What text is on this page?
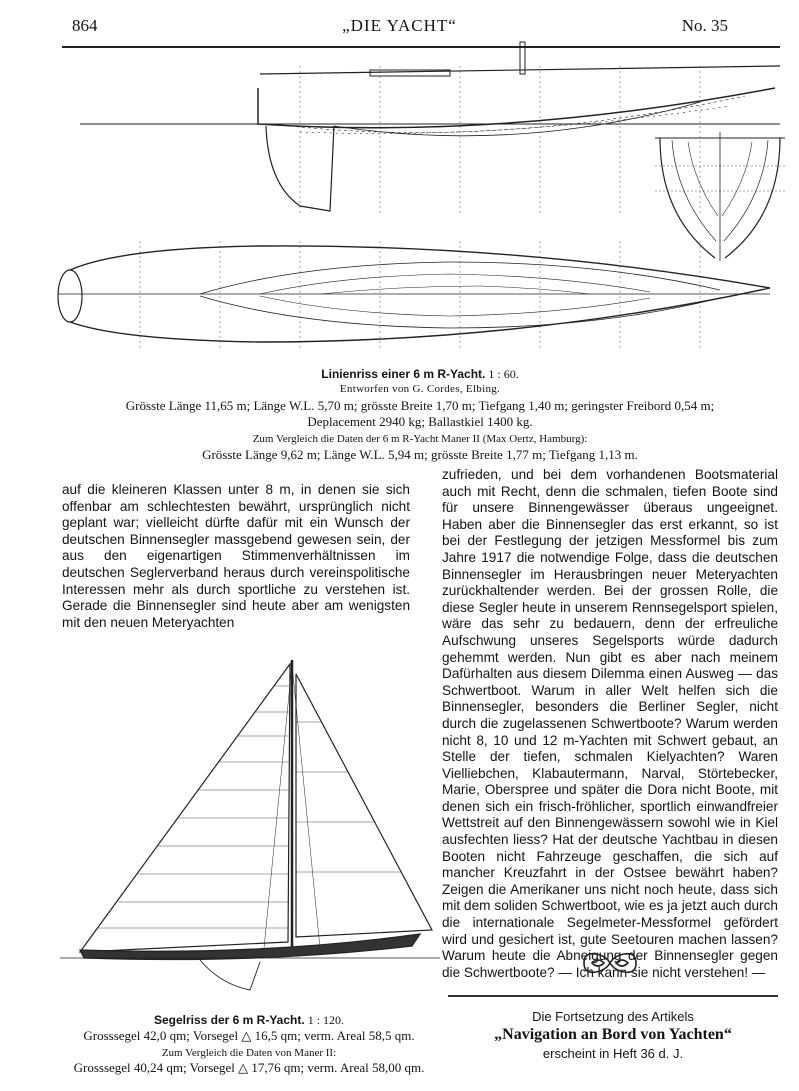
864	„DIE YACHT“	No. 35
Linienriss einer 6 m R-Yacht. 1 : 60.
Entworfen von G. Cordes, Elbing.
Grösste Länge 11,65 m; Länge W.L. 5,70 m; grösste Breite 1,70 m; Tiefgang 1,40 m; geringster Freibord 0,54 m;
Deplacement 2940 kg; Ballastkiel 1400 kg.
Zum Vergleich die Daten der 6 m R-Yacht Maner II (Max Oertz, Hamburg):
Grösste Länge 9,62 m; Länge W.L. 5,94 m; grösste Breite 1,77 m; Tiefgang 1,13 m.

auf die kleineren Klassen unter 8 m, in denen sie sich offenbar am schlechtesten bewährt, ursprünglich nicht geplant war; vielleicht dürfte dafür mit ein Wunsch der deutschen Binnensegler massgebend gewesen sein, der aus den eigenartigen Stimmenverhältnissen im deutschen Seglerverband heraus durch vereinspolitische Interessen mehr als durch sportliche zu verstehen ist. Gerade die Binnensegler sind heute aber am wenigsten mit den neuen Meteryachten

Segelriss der 6 m R-Yacht. 1 : 120.
Grosssegel 42,0 qm; Vorsegel △ 16,5 qm; verm. Areal 58,5 qm.
Zum Vergleich die Daten von Maner II:
Grosssegel 40,24 qm; Vorsegel △ 17,76 qm; verm. Areal 58,00 qm.

zufrieden, und bei dem vorhandenen Bootsmaterial auch mit Recht, denn die schmalen, tiefen Boote sind für unsere Binnengewässer überaus ungeeignet. Haben aber die Binnensegler das erst erkannt, so ist bei der Festlegung der jetzigen Messformel bis zum Jahre 1917 die notwendige Folge, dass die deutschen Binnensegler im Herausbringen neuer Meteryachten zurückhaltender werden. Bei der grossen Rolle, die diese Segler heute in unserem Rennsegelsport spielen, wäre das sehr zu bedauern, denn der erfreuliche Aufschwung unseres Segelsports würde dadurch gehemmt werden. Nun gibt es aber nach meinem Dafürhalten aus diesem Dilemma einen Ausweg — das Schwertboot. Warum in aller Welt helfen sich die Binnensegler, besonders die Berliner Segler, nicht durch die zugelassenen Schwertboote? Warum werden nicht 8, 10 und 12 m-Yachten mit Schwert gebaut, an Stelle der tiefen, schmalen Kielyachten? Waren Vielliebchen, Klabautermann, Narval, Störtebecker, Marie, Oberspree und später die Dora nicht Boote, mit denen sich ein frisch-fröhlicher, sportlich einwandfreier Wettstreit auf den Binnengewässern sowohl wie in Kiel ausfechten liess? Hat der deutsche Yachtbau in diesen Booten nicht Fahrzeuge geschaffen, die sich auf mancher Kreuzfahrt in der Ostsee bewährt haben? Zeigen die Amerikaner uns nicht noch heute, dass sich mit dem soliden Schwertboot, wie es ja jetzt auch durch die internationale Segelmeter-Messformel gefördert wird und gesichert ist, gute Seetouren machen lassen? Warum heute die Abneigung der Binnensegler gegen die Schwertboote? — Ich kann sie nicht verstehen! —

Die Fortsetzung des Artikels
„Navigation an Bord von Yachten“
erscheint in Heft 36 d. J.
